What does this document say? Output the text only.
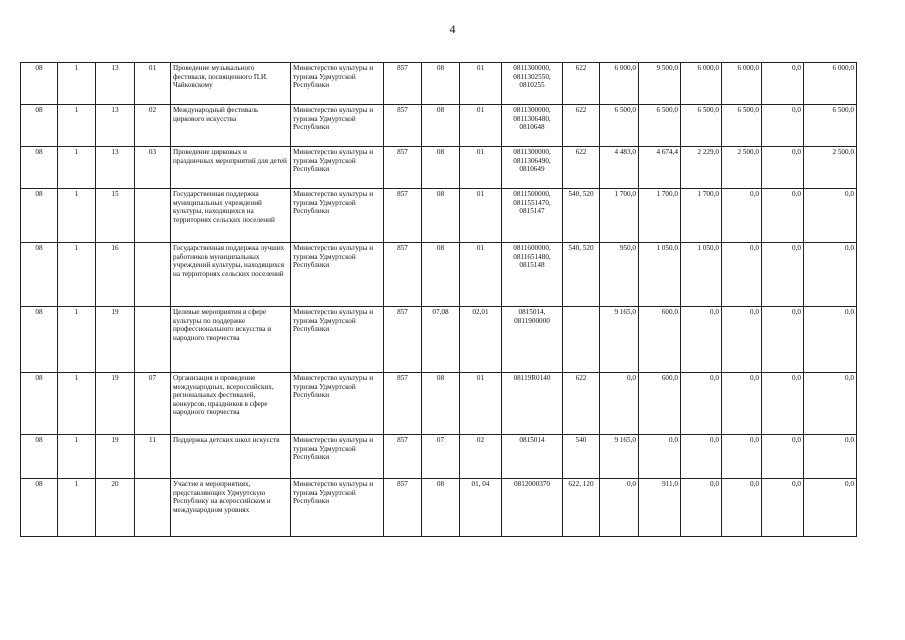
4
08	1	13	01	Проведение музыкального фестиваля, посвященного П.И. Чайковскому	Министерство культуры и туризма Удмуртской Республики	857	08	01	0811300000, 0811302550, 0810255	622	6 000,0	9 500,0	6 000,0	6 000,0	0,0	6 000,0
08	1	13	02	Международный фестиваль циркового искусства	Министерство культуры и туризма Удмуртской Республики	857	08	01	0811300000, 0811306480, 0810648	622	6 500,0	6 500,0	6 500,0	6 500,0	0,0	6 500,0
08	1	13	03	Проведение цирковых и праздничных мероприятий для детей	Министерство культуры и туризма Удмуртской Республики	857	08	01	0811300000, 0811306490, 0810649	622	4 483,0	4 674,4	2 229,0	2 500,0	0,0	2 500,0
08	1	15		Государственная поддержка муниципальных учреждений культуры, находящихся на территориях сельских поселений	Министерство культуры и туризма Удмуртской Республики	857	08	01	0811500000, 0811551470, 0815147	540, 520	1 700,0	1 700,0	1 700,0	0,0	0,0	0,0
08	1	16		Государственная поддержка лучших работников муниципальных учреждений культуры, находящихся на территориях сельских поселений	Министерство культуры и туризма Удмуртской Республики	857	08	01	0811600000, 0811651480, 0815148	540, 520	950,0	1 050,0	1 050,0	0,0	0,0	0,0
08	1	19		Целевые мероприятия в сфере культуры по поддержке профессионального искусства и народного творчества	Министерство культуры и туризма Удмуртской Республики	857	07,08	02,01	0815014, 0811900000		9 165,0	600,0	0,0	0,0	0,0	0,0
08	1	19	07	Организация и проведение международных, всероссийских, региональных фестивалей, конкурсов, праздников в сфере народного творчества	Министерство культуры и туризма Удмуртской Республики	857	08	01	08119R0140	622	0,0	600,0	0,0	0,0	0,0	0,0
08	1	19	11	Поддержка детских школ искусств	Министерство культуры и туризма Удмуртской Республики	857	07	02	0815014	540	9 165,0	0,0	0,0	0,0	0,0	0,0
08	1	20		Участие в мероприятиях, представляющих Удмуртскую Республику на всероссийском и международном уровнях	Министерство культуры и туризма Удмуртской Республики	857	08	01, 04	0812000370	622, 120	0,0	911,0	0,0	0,0	0,0	0,0
